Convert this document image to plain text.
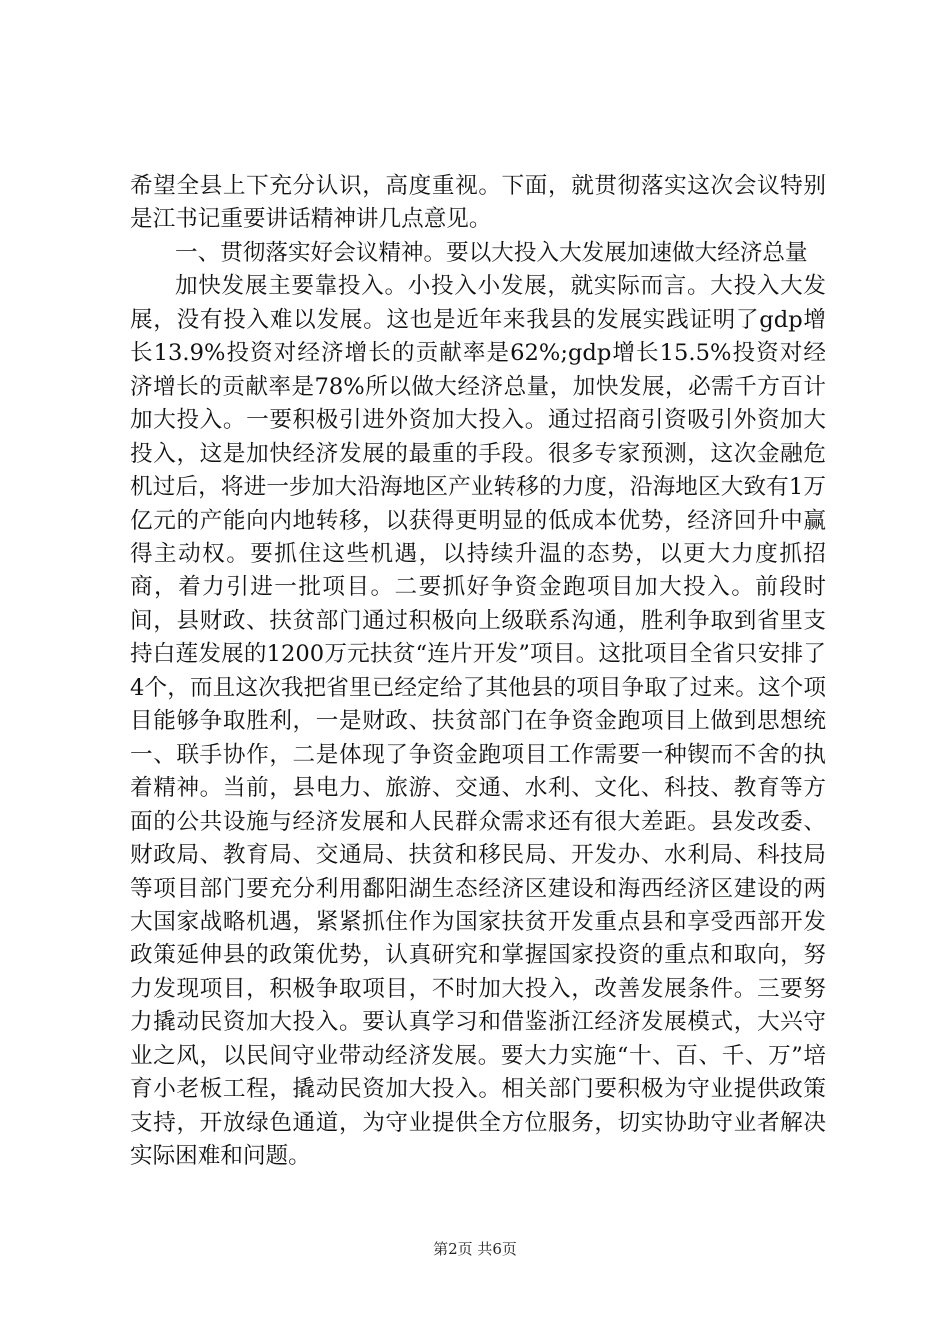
希望全县上下充分认识，高度重视。下面，就贯彻落实这次会议特别是江书记重要讲话精神讲几点意见。

一、贯彻落实好会议精神。要以大投入大发展加速做大经济总量

加快发展主要靠投入。小投入小发展，就实际而言。大投入大发展，没有投入难以发展。这也是近年来我县的发展实践证明了gdp增长13.9%投资对经济增长的贡献率是62%;gdp增长15.5%投资对经济增长的贡献率是78%所以做大经济总量，加快发展，必需千方百计加大投入。一要积极引进外资加大投入。通过招商引资吸引外资加大投入，这是加快经济发展的最重的手段。很多专家预测，这次金融危机过后，将进一步加大沿海地区产业转移的力度，沿海地区大致有1万亿元的产能向内地转移，以获得更明显的低成本优势，经济回升中赢得主动权。要抓住这些机遇，以持续升温的态势，以更大力度抓招商，着力引进一批项目。二要抓好争资金跑项目加大投入。前段时间，县财政、扶贫部门通过积极向上级联系沟通，胜利争取到省里支持白莲发展的1200万元扶贫“连片开发”项目。这批项目全省只安排了4个，而且这次我把省里已经定给了其他县的项目争取了过来。这个项目能够争取胜利，一是财政、扶贫部门在争资金跑项目上做到思想统一、联手协作，二是体现了争资金跑项目工作需要一种锲而不舍的执着精神。当前，县电力、旅游、交通、水利、文化、科技、教育等方面的公共设施与经济发展和人民群众需求还有很大差距。县发改委、财政局、教育局、交通局、扶贫和移民局、开发办、水利局、科技局等项目部门要充分利用鄱阳湖生态经济区建设和海西经济区建设的两大国家战略机遇，紧紧抓住作为国家扶贫开发重点县和享受西部开发政策延伸县的政策优势，认真研究和掌握国家投资的重点和取向，努力发现项目，积极争取项目，不时加大投入，改善发展条件。三要努力撬动民资加大投入。要认真学习和借鉴浙江经济发展模式，大兴守业之风，以民间守业带动经济发展。要大力实施“十、百、千、万”培育小老板工程，撬动民资加大投入。相关部门要积极为守业提供政策支持，开放绿色通道，为守业提供全方位服务，切实协助守业者解决实际困难和问题。

第2页 共6页
